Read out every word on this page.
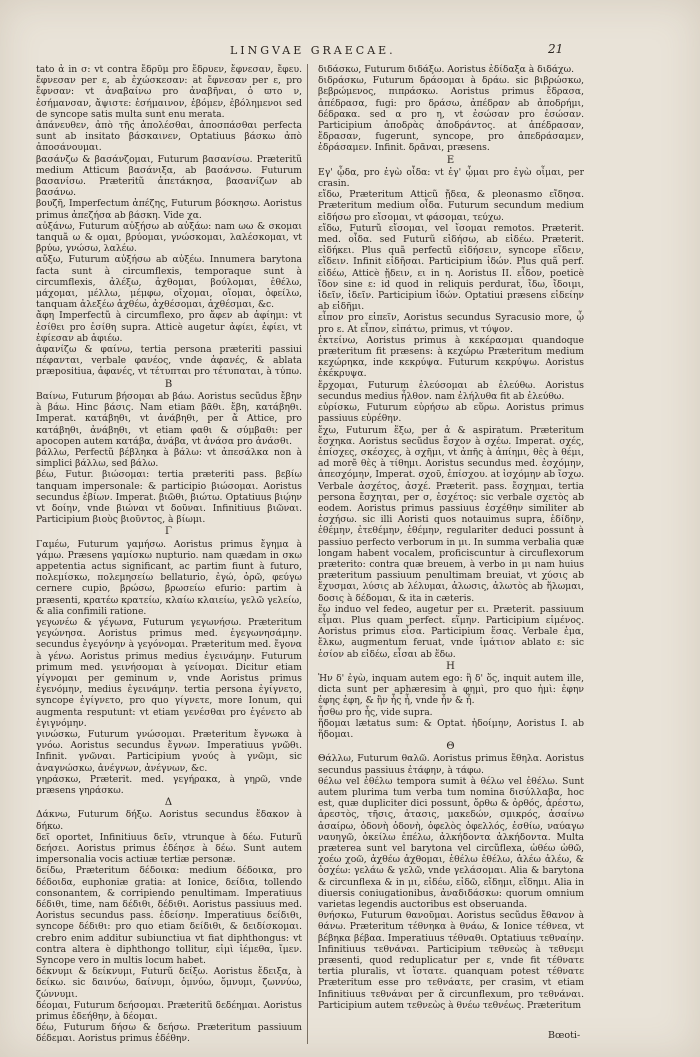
LINGVAE GRAECAE.	21
tato ἀ in σ: vt contra ἔδρῦμ pro ἔδρυεν, ἔφνεσαν, ἔφευ. ἔφνεσαν per ε, ab ἐχώσκεσαν: at ἔφνεσαν per ε, pro ἔφνσαν: vt ἀναβαίνω pro ἀναβῆναι, ὁ ϖτο ν, ἐσήμανσαν, ἄψιστε: ἐσήμαινον, ἐβόμεν, ἐβόλημενοι sed de syncope satis multa sunt enu merata.
ἀπάνευθεν, ἀπὸ τῆς ἀπολέσθαι, ἀποσπάσθαι perfecta sunt ab insitato βάσκαινεν, Optatiuus βάσκω ἀπὸ ἀποσάνουμαι.
βασάνζω & βασάνζομαι, Futurum βασανίσω. Præteritũ medium Atticum βασάνιξα, ab βασάνσω. Futurum βασανίσω. Præteritũ ἀπετάκησα, βασανίζων ab βασάνω.
βουζῆ, Imperfectum ἀπέζης, Futurum βόσκησω. Aoristus primus ἀπεζήσα ab βάσκη. Vide χα.
αὐξάνω, Futurum αὐξήσω ab αὐξάω: nam ωω & σκομαι tanquã ω & ομαι, βρύομαι, γνώσκομαι, λαλέσκομαι, vt βρύω, γνώσω, λαλέω.
αὔξω, Futurum αὐξήσω ab αὐξέω. Innumera barytona facta sunt à circumflexis, temporaque sunt à circumflexis, ἀλέξω, ἀχθομαι, βούλομαι, ἐθέλω, μάχομαι, μέλλω, μέμφω, οἴχομαι, οἴομαι, ὀφείλω, tanquam ἀλεξέω ἀχθέω, ἀχθέσομαι, ἀχθέσμαι, &c.
ἄφη Imperfectũ à circumflexo, pro ἄφεν ab ἀφίημι: vt ἐσίθει pro ἐσίθη supra. Atticè augetur ἀφίει, ἐφίει, vt ἐφίεσαν ab ἀφιέω.
ἀφανίζω & φαίνω, tertia persona præteriti passiui πέφανται, verbale φανέος, vnde ἀφανές, & ablata præpositiua, ἀφανές, vt τέτυπται pro τέτυπαται, à τύπω.
B
Βαίνω, Futurum βήσομαι ab βάω. Aoristus secũdus ἔβην à βάω. Hinc βάσις. Nam etiam βᾶθι. ἔβη, κατάβηθι. Imperat. κατάβηθι, vt ἀνάβηθι, per ἄ Attice, pro κατάβηθι, ἀνάβηθι, vt etiam φαθι & σύμβαθι: per apocopen autem κατάβα, ἀνάβα, vt ἀνάσα pro ἀνάσθι.
βάλλω, Perfectũ βέβληκα à βάλω: vt ἀπεσάλκα non à simplici βάλλω, sed βάλω.
βέω, Futur. βιώσομαι: tertia præteriti pass. βεβίω tanquam impersonale: & participio βιώσομαι. Aoristus secundus ἐβίων. Imperat. βιῶθι, βιώτω. Optatiuus βιῴην vt δοίην, vnde βιώναι vt δοῦναι. Infinitiuus βιῶναι. Participium βιοὺς βιοῦντος, à βίωμι.
Γ
Γαμέω, Futurum γαμήσω. Aoristus primus ἔγημα à γάμω. Præsens γαμίσκω nupturio. nam quædam in σκω appetentia actus significant, ac partim fiunt à futuro, πολεμίσκω, πολεμησείω bellaturio, ἐγώ, ὁρῶ, φεύγω cernere cupio, βρώσω, βρωσείω efurio: partim à præsenti, κρατέω κρατείω, κλαίω κλαιείω, γελῶ γελείω, & alia confimili ratione.
γεγωνέω & γέγωνα, Futurum γεγωνήσω. Præteritum γεγώνησα. Aoristus primus med. ἐγεγωνησάμην. secundus ἐγεγόνην à γεγόνομαι. Præteritum med. ἔγονα à γένω. Aoristus primus medius ἐγεινάμην. Futurum primum med. γεινήσομαι à γείνομαι. Dicitur etiam γίγνομαι per geminum ν, vnde Aoristus primus ἐγενόμην, medius ἐγεινάμην. tertia persona ἐγίγνετο, syncope ἐγίγνετο, pro quo γίγνετε, more Ionum, qui augmenta resputunt: vt etiam γενέσθαι pro ἐγένετο ab ἐγιγνόμην.
γινώσκω, Futurum γνώσομαι. Præteritum ἔγνωκα à γνόω. Aoristus secundus ἔγνων. Imperatiuus γνῶθι. Infinit. γνῶναι. Participium γνούς à γνῶμι, sic ἀναγνώσκω, ἀνέγνων, ἀνέγνων, &c.
γηράσκω, Præterit. med. γεγήρακα, à γηρῶ, vnde præsens γηράσκω.
Δ
Δάκνω, Futurum δήξω. Aoristus secundus ἔδακον à δήκω.
δεῖ oportet, Infinitiuus δεῖν, vtrunque à δέω. Futurũ δεήσει. Aoristus primus ἐδέησε à δέω. Sunt autem impersonalia vocis actiuæ tertiæ personæ.
δείδω, Præteritum δέδοικα: medium δέδοικα, pro δέδοιδα, euphoniæ gratia: at Ionice, δείδια, tollendo consonantem, & corripiendo penultimam. Imperatiuus δέδιθι, time, nam δέδιθι, δέδιθι. Aoristus passiuus med. Aoristus secundus pass. ἐδείσην. Imperatiuus δείδιθι, syncope δέδιθι: pro quo etiam δείδιθι, & δειδίσκομαι. crebro enim additur subiunctiua vt fiat diphthongus: vt contra altera è diphthongo tollitur, εἰμὶ ἰέμεθα, ἴμεν. Syncope vero in multis locum habet.
δέκνυμι & δείκνυμι, Futurũ δείξω. Aoristus ἔδειξα, à δείκω. sic δαινύω, δαίνυμι, ὀμνύω, ὄμνυμι, ζωννύω, ζώννυμι.
δέομαι, Futurum δεήσομαι. Præteritũ δεδέημαι. Aoristus primus ἐδεήθην, à δέομαι.
δέω, Futurum δήσω & δεήσω. Præteritum passiuum δέδεμαι. Aoristus primus ἐδέθην.
διδάσκω, Futurum διδάξω. Aoristus ἐδίδαξα à διδάχω.
διδράσκω, Futurum δράσομαι à δράω. sic βιβρώσκω, βεβρώμενος, πιπράσκω. Aoristus primus ἔδρασα, ἀπέδρασα, fugi: pro δράσω, ἀπέδραν ab ἀποδρήμι, δέδρακα. sed α pro η, vt ἐσώσαν pro ἐσώσαν. Participium ἀποδρὰς ἀποδράντος. at ἀπέδρασαν, ἔδρασαν, fugerunt, syncope, pro ἀπεδράσαμεν, ἐδράσαμεν. Infinit. δρᾶναι, præsens.
E
Εγ' ᾦδα, pro ἐγὼ οἶδα: vt ἐγ' ᾦμαι pro ἐγὼ οἶμαι, per crasin.
εἴδω, Præteritum Atticũ ᾔδεα, & pleonasmo εἴδησα. Præteritum medium οἶδα. Futurum secundum medium εἰδήσω pro εἴσομαι, vt φάσομαι, τεύχω.
εἴδω, Futurũ εἴσομαι, vel ἴσομαι remotos. Præterit. med. οἶδα. sed Futurũ εἰδήσω, ab εἰδέω. Præterit. εἰδήκει. Plus quã perfectũ εἰδήσειν, syncope εἴδειν, εἴδειν. Infinit εἰδῆσαι. Participium ἰδών. Plus quã perf. εἰδέω, Atticè ᾔδειν, ει in η. Aoristus II. εἶδον, poeticè ἴδον sine ε: id quod in reliquis perdurat, ἴδω, ἴδοιμι, ἰδεῖν, ἰδεῖν. Participium ἰδών. Optatiui præsens εἰδείην ab εἰδῆμι.
εἶπον pro εἰπεῖν, Aoristus secundus Syracusio more, ᾦ pro ε. At εἶπον, εἰπάτω, primus, vt τύψον.
ἐκτείνω, Aoristus primus à κεκέρασμαι quandoque præteritum fit præsens: à κεχώρω Præteritum medium κεχώρηκα, inde κεκρύψα. Futurum κεκρύψω. Aoristus ἐκέκρυψα.
ἔρχομαι, Futurum ἐλεύσομαι ab ἐλεύθω. Aoristus secundus medius ἦλθον. nam ἐλήλυθα fit ab ἐλεύθω.
εὑρίσκω, Futurum εὑρήσω ab εὕρω. Aoristus primus passiuus εὑρέθην.
ἔχω, Futurum ἕξω, per ἁ & aspiratum. Præteritum ἔσχηκα. Aoristus secũdus ἔσχον à σχέω. Imperat. σχές, ἐπίσχες, σκέσχες, à σχῆμι, vt ἀπῆς à ἀπίημι, θὲς à θέμι, ad morẽ θὲς à τίθημι. Aoristus secundus med. ἐσχόμην, ἀπεσχόμην, Imperat. σχοῦ, ἐπίσχου. at ἰσχόμην ab ἴσχω. Verbale ἀσχέτος, ἀσχέ. Præterit. pass. ἔσχημαι, tertia persona ἔσχηται, per σ, ἐσχέτος: sic verbale σχετὸς ab eodem. Aoristus primus passiuus ἐσχέθην similiter ab ἐσχήσω. sic illi Aoristi quos notauimus supra, ἐδίδην, ἐθέμην, ἐτεθέμην, ἐθέμην, regulariter deduci possunt à passiuo perfecto verborum in μι. In summa verbalia quæ longam habent vocalem, proficiscuntur à circuflexorum præterito: contra quæ breuem, à verbo in μι nam huius præteritum passiuum penultimam breuiat, vt χύσις ab ἔχυσμαι, λύσις ab λέλυμαι, ἀλωσις, ἀλωτὸς ab ἥλωμαι, δοσις à δέδομαι, & ita in cæteris.
ἕω induo vel fedeo, augetur per ει. Præterit. passiuum εἷμαι. Plus quam perfect. εἵμην. Participium εἱμένος. Aoristus primus εἷσα. Participium ἕσας. Verbale ἑμα, ἔλκω, augmentum feruat, vnde ἱμάτιον ablato ε: sic ἐσίον ab εἰδέω, εἶσαι ab ἕδω.
H
Ἡν δ' ἐγὼ, inquam autem ego: ἢ δ' ὅς, inquit autem ille, dicta sunt per aphæresim à φημὶ, pro quo ἠμὶ: ἐφην ἐφης ἐφη, & ἢν ἦς ἦ, vnde ἦν & ἦ.
ἦσθω pro ἦς, vide supra.
ἥδομαι lætatus sum: & Optat. ἡδοίμην, Aoristus I. ab ἥδομαι.
Θ
Θάλλω, Futurum θαλῶ. Aoristus primus ἔθηλα. Aoristus secundus passiuus ἐτάφην, à τάφω.
θέλω vel ἐθέλω tempora sumit à θέλω vel ἐθέλω. Sunt autem plurima tum verba tum nomina δισύλλαβα, hoc est, quæ dupliciter dici possunt, ὄρθω & ὀρθός, ἀρέστω, ἀρεστὸς, τῆσις, ἀτασις, μακεδών, σμικρός, ἀσαίνω ἀσαίρω, ὀδονὴ ὀδονὴ, ὀφελὸς ὀφελλός, ἐσθίω, ναύαγω ναυηγῶ, ὀκείλω ἐπέλω, ἀλκήδοντα ἀλκήδοντα. Multa præterea sunt vel barytona vel circũflexa, ὠθέω ὠθῶ, χοέω χοῶ, ἀχθέω ἀχθομαι, ἐθέλω ἐθέλω, ἀλέω ἀλέω, & ὀσχέω: γελάω & γελῶ, vnde γελάσομαι. Alia & barytona & circunflexa & in μι, εἰδέω, εἰδῶ, εἴδημι, εἴδημι. Alia in diuersis coniugationibus, ἀναδιδάσκω: quorum omnium varietas legendis auctoribus est obseruanda.
θνήσκω, Futurum θανοῦμαι. Aoristus secũdus ἔθανον à θάνω. Præteritum τέθνηκα à θνάω, & Ionice τέθνεα, vt βέβηκα βέβαα. Imperatiuus τέθναθι. Optatiuus τεθναίην. Infinitiuus τεθνάναι. Participium τεθνεὼς à τεθνεμι præsenti, quod reduplicatur per ε, vnde fit τέθνατε tertia pluralis, vt ἵστατε. quanquam potest τέθνατε Præteritum esse pro τεθνάατε, per crasim, vt etiam Infinitiuus τεθνάναι per ἄ circunflexum, pro τεθνάναι. Participium autem τεθνεὼς à θνέω τεθνέως. Præteritum
Bœoti-
